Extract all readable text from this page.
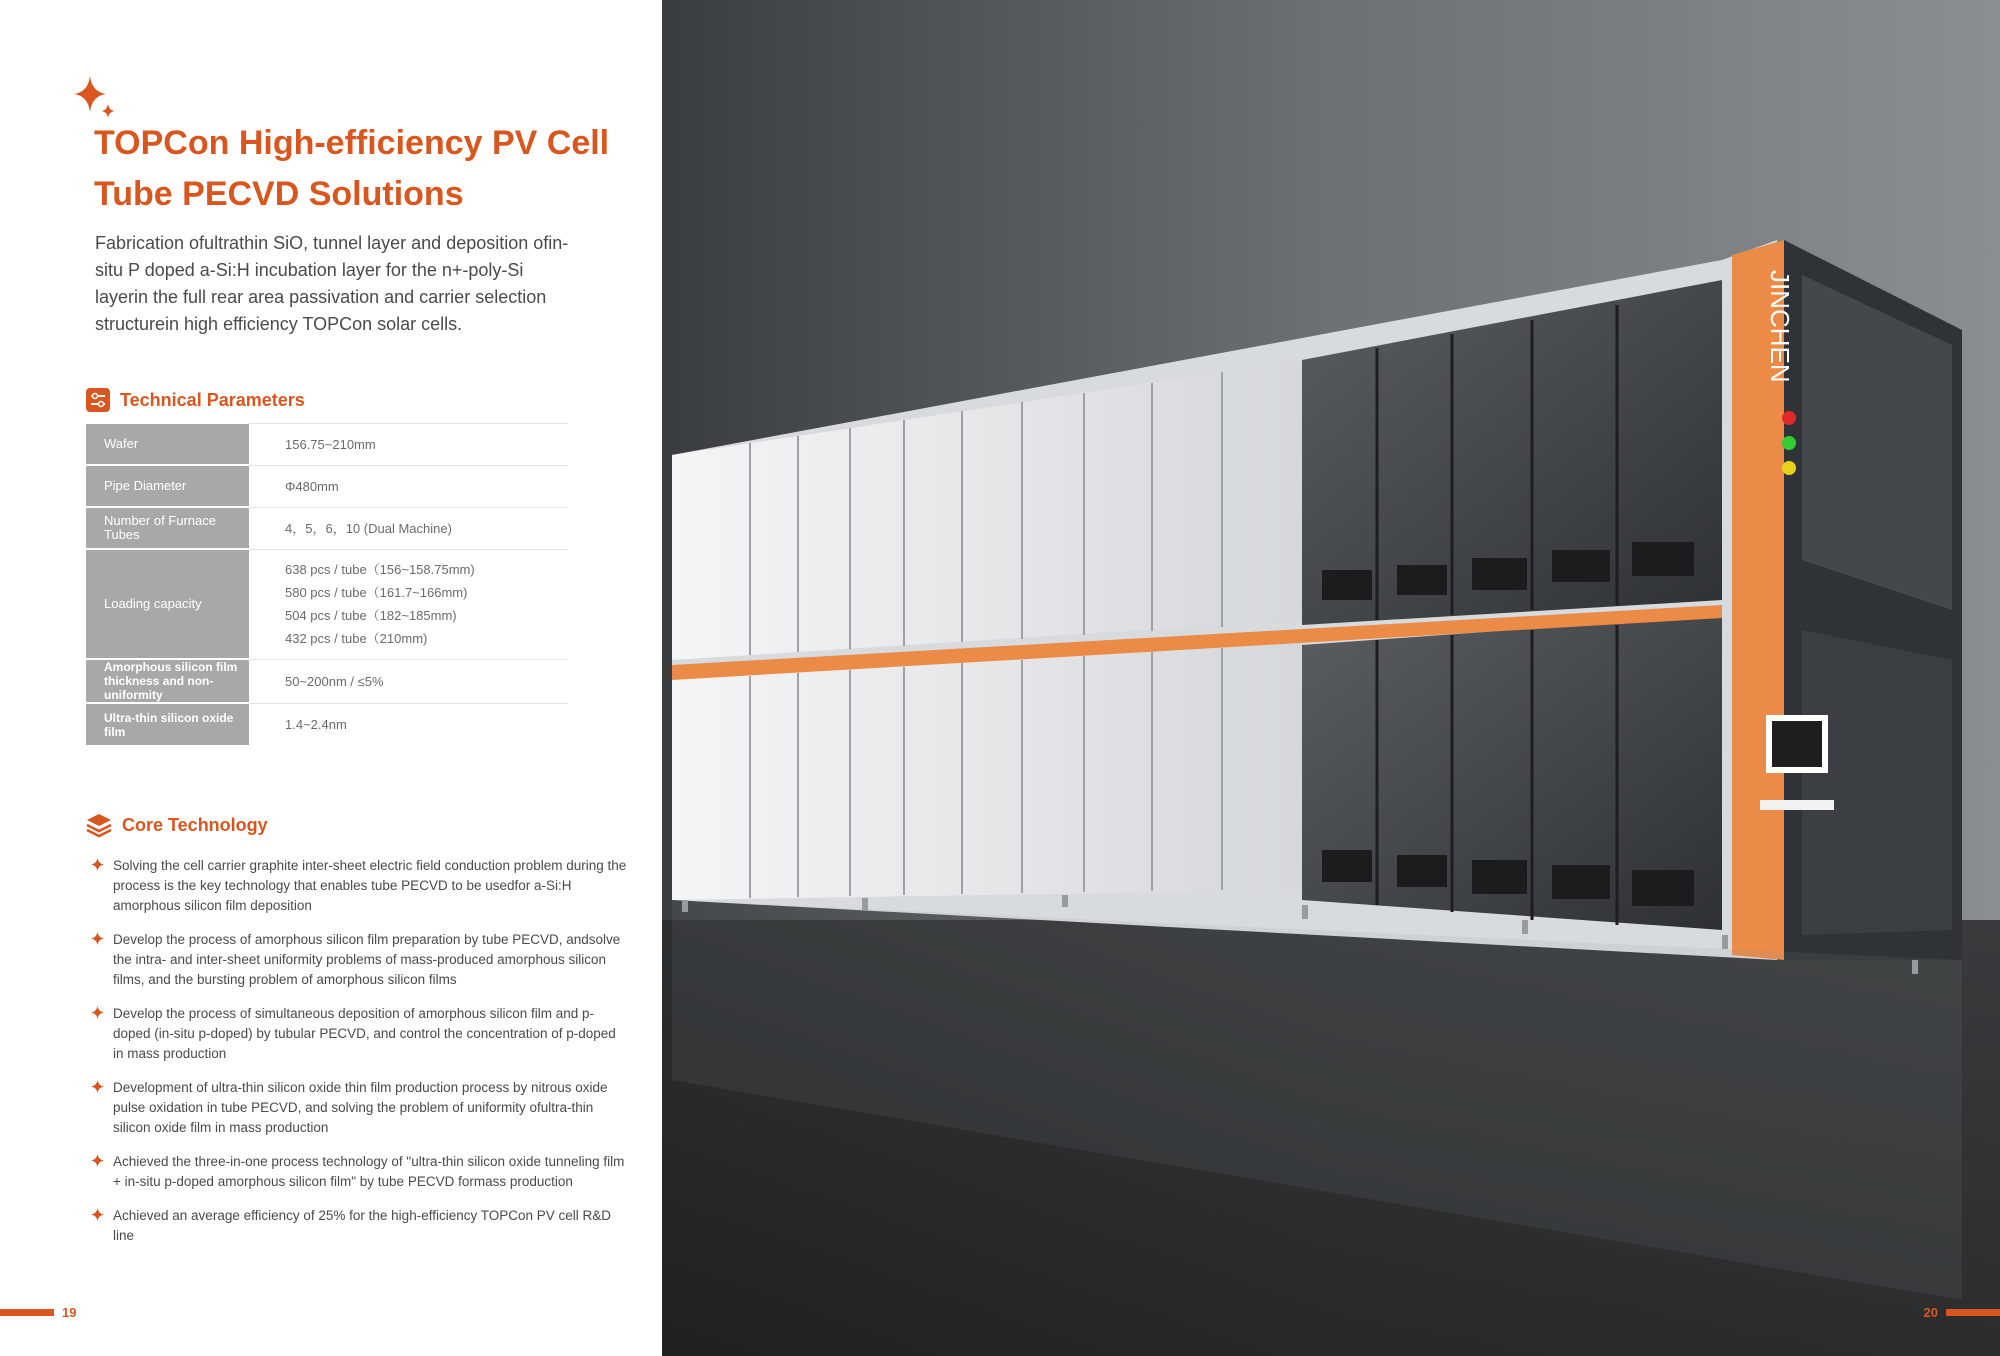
TOPCon High-efficiency PV Cell Tube PECVD Solutions

Fabrication ofultrathin SiO, tunnel layer and deposition ofin-situ P doped a-Si:H incubation layer for the n+-poly-Si layerin the full rear area passivation and carrier selection structurein high efficiency TOPCon solar cells.

Technical Parameters
Wafer	156.75~210mm

Pipe Diameter	Φ480mm

Number of Furnace Tubes	4，5，6，10 (Dual Machine)

Loading capacity	638 pcs / tube（156~158.75mm)
580 pcs / tube（161.7~166mm)
504 pcs / tube（182~185mm)
432 pcs / tube（210mm)

Amorphous silicon film thickness and non-uniformity	50~200nm / ≤5%

Ultra-thin silicon oxide film	1.4~2.4nm
Core Technology
Solving the cell carrier graphite inter-sheet electric field conduction problem during the process is the key technology that enables tube PECVD to be usedfor a-Si:H amorphous silicon film deposition
Develop the process of amorphous silicon film preparation by tube PECVD, andsolve the intra- and inter-sheet uniformity problems of mass-produced amorphous silicon films, and the bursting problem of amorphous silicon films
Develop the process of simultaneous deposition of amorphous silicon film and p-doped (in-situ p-doped) by tubular PECVD, and control the concentration of p-doped in mass production
Development of ultra-thin silicon oxide thin film production process by nitrous oxide pulse oxidation in tube PECVD, and solving the problem of uniformity ofultra-thin silicon oxide film in mass production
Achieved the three-in-one process technology of "ultra-thin silicon oxide tunneling film + in-situ p-doped amorphous silicon film" by tube PECVD formass production
Achieved an average efficiency of 25% for the high-efficiency TOPCon PV cell R&D line
19
JINCHEN
20
